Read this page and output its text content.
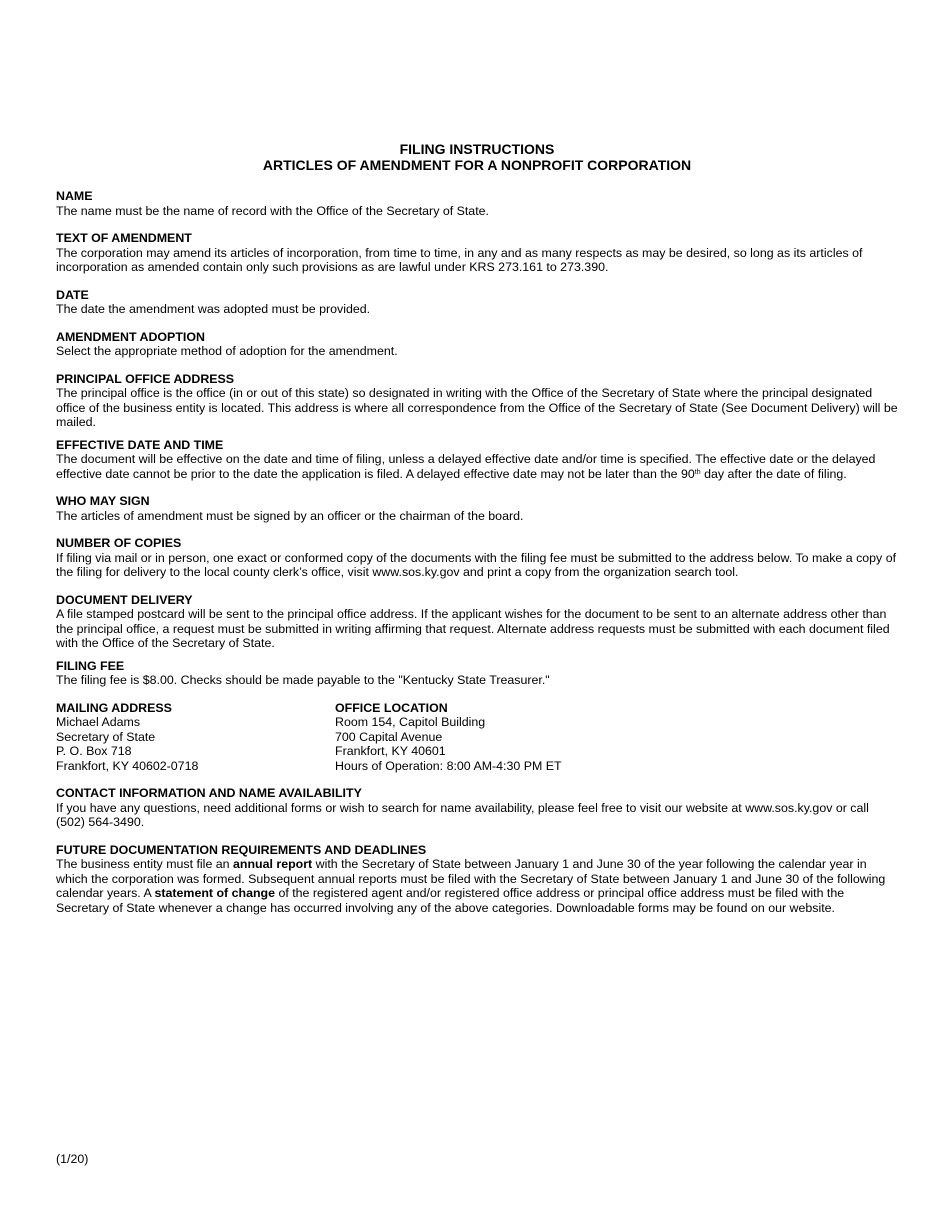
FILING INSTRUCTIONS

ARTICLES OF AMENDMENT FOR A NONPROFIT CORPORATION

NAME

The name must be the name of record with the Office of the Secretary of State.

TEXT OF AMENDMENT

The corporation may amend its articles of incorporation, from time to time, in any and as many respects as may be desired, so long as its articles of incorporation as amended contain only such provisions as are lawful under KRS 273.161 to 273.390.

DATE

The date the amendment was adopted must be provided.

AMENDMENT ADOPTION

Select the appropriate method of adoption for the amendment.

PRINCIPAL OFFICE ADDRESS

The principal office is the office (in or out of this state) so designated in writing with the Office of the Secretary of State where the principal designated office of the business entity is located. This address is where all correspondence from the Office of the Secretary of State (See Document Delivery) will be mailed.

EFFECTIVE DATE AND TIME

The document will be effective on the date and time of filing, unless a delayed effective date and/or time is specified. The effective date or the delayed effective date cannot be prior to the date the application is filed. A delayed effective date may not be later than the 90th day after the date of filing.

WHO MAY SIGN

The articles of amendment must be signed by an officer or the chairman of the board.

NUMBER OF COPIES

If filing via mail or in person, one exact or conformed copy of the documents with the filing fee must be submitted to the address below. To make a copy of the filing for delivery to the local county clerk’s office, visit www.sos.ky.gov and print a copy from the organization search tool.

DOCUMENT DELIVERY

A file stamped postcard will be sent to the principal office address. If the applicant wishes for the document to be sent to an alternate address other than the principal office, a request must be submitted in writing affirming that request. Alternate address requests must be submitted with each document filed with the Office of the Secretary of State.

FILING FEE

The filing fee is $8.00. Checks should be made payable to the "Kentucky State Treasurer."

MAILING ADDRESS

Michael Adams

Secretary of State

P. O. Box 718

Frankfort, KY 40602-0718

OFFICE LOCATION

Room 154, Capitol Building

700 Capital Avenue

Frankfort, KY 40601

Hours of Operation: 8:00 AM-4:30 PM ET

CONTACT INFORMATION AND NAME AVAILABILITY

If you have any questions, need additional forms or wish to search for name availability, please feel free to visit our website at www.sos.ky.gov or call (502) 564-3490.

FUTURE DOCUMENTATION REQUIREMENTS AND DEADLINES

The business entity must file an annual report with the Secretary of State between January 1 and June 30 of the year following the calendar year in which the corporation was formed. Subsequent annual reports must be filed with the Secretary of State between January 1 and June 30 of the following calendar years. A statement of change of the registered agent and/or registered office address or principal office address must be filed with the Secretary of State whenever a change has occurred involving any of the above categories. Downloadable forms may be found on our website.

(1/20)
